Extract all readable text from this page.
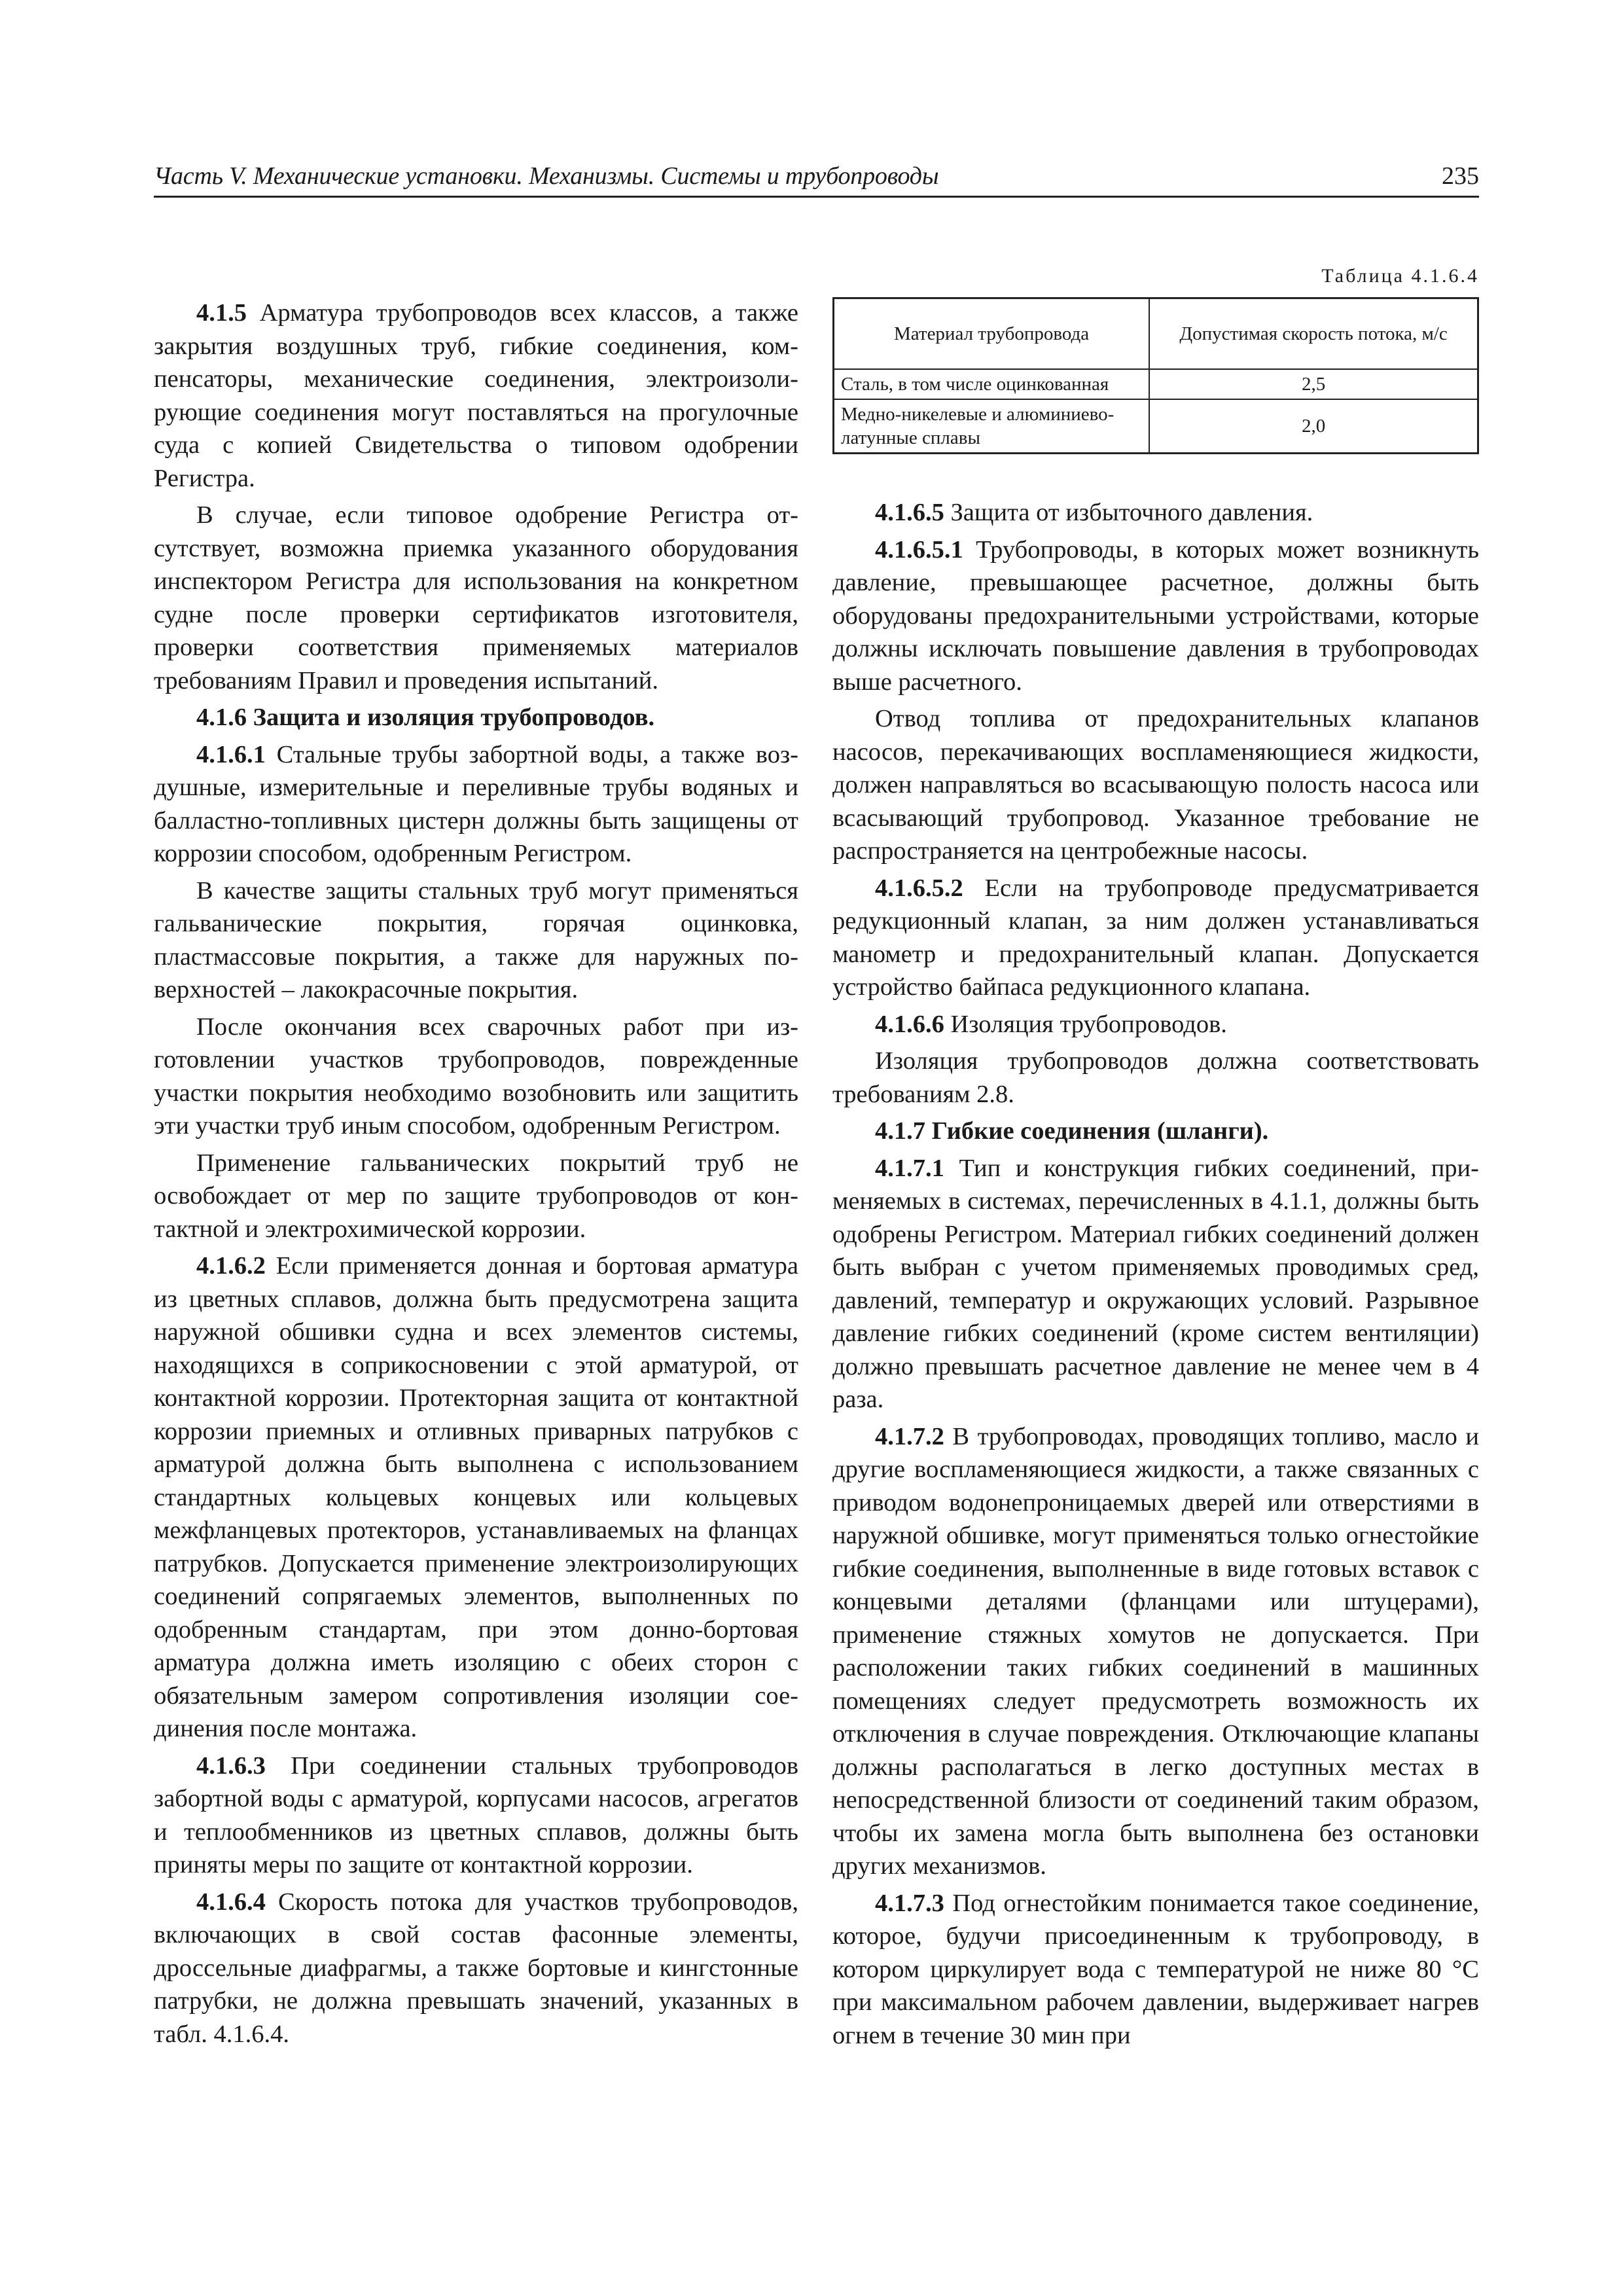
Часть V. Механические установки. Механизмы. Системы и трубопроводы	235

4.1.5 Арматура трубопроводов всех классов, а также закрытия воздушных труб, гибкие соединения, компенсаторы, механические соединения, электроизолирующие соединения могут поставляться на прогулочные суда с копией Свидетельства о типовом одобрении Регистра.

В случае, если типовое одобрение Регистра отсутствует, возможна приемка указанного оборудования инспектором Регистра для использования на конкретном судне после проверки сертификатов изготовителя, проверки соответствия применяемых материалов требованиям Правил и проведения испытаний.

4.1.6 Защита и изоляция трубопроводов.

4.1.6.1 Стальные трубы забортной воды, а также воздушные, измерительные и переливные трубы водяных и балластно-топливных цистерн должны быть защищены от коррозии способом, одобренным Регистром.

В качестве защиты стальных труб могут применяться гальванические покрытия, горячая оцинковка, пластмассовые покрытия, а также для наружных поверхностей – лакокрасочные покрытия.

После окончания всех сварочных работ при изготовлении участков трубопроводов, поврежденные участки покрытия необходимо возобновить или защитить эти участки труб иным способом, одобренным Регистром.

Применение гальванических покрытий труб не освобождает от мер по защите трубопроводов от контактной и электрохимической коррозии.

4.1.6.2 Если применяется донная и бортовая арматура из цветных сплавов, должна быть предусмотрена защита наружной обшивки судна и всех элементов системы, находящихся в соприкосновении с этой арматурой, от контактной коррозии. Протекторная защита от контактной коррозии приемных и отливных приварных патрубков с арматурой должна быть выполнена с использованием стандартных кольцевых концевых или кольцевых межфланцевых протекторов, устанавливаемых на фланцах патрубков. Допускается применение электроизолирующих соединений сопрягаемых элементов, выполненных по одобренным стандартам, при этом донно-бортовая арматура должна иметь изоляцию с обеих сторон с обязательным замером сопротивления изоляции соединения после монтажа.

4.1.6.3 При соединении стальных трубопроводов забортной воды с арматурой, корпусами насосов, агрегатов и теплообменников из цветных сплавов, должны быть приняты меры по защите от контактной коррозии.

4.1.6.4 Скорость потока для участков трубопроводов, включающих в свой состав фасонные элементы, дроссельные диафрагмы, а также бортовые и кингстонные патрубки, не должна превышать значений, указанных в табл. 4.1.6.4.

Таблица 4.1.6.4
Материал трубопровода	Допустимая скорость потока, м/с
Сталь, в том числе оцинкованная	2,5
Медно-никелевые и алюминиеволатунные сплавы	2,0

4.1.6.5 Защита от избыточного давления.

4.1.6.5.1 Трубопроводы, в которых может возникнуть давление, превышающее расчетное, должны быть оборудованы предохранительными устройствами, которые должны исключать повышение давления в трубопроводах выше расчетного.

Отвод топлива от предохранительных клапанов насосов, перекачивающих воспламеняющиеся жидкости, должен направляться во всасывающую полость насоса или всасывающий трубопровод. Указанное требование не распространяется на центробежные насосы.

4.1.6.5.2 Если на трубопроводе предусматривается редукционный клапан, за ним должен устанавливаться манометр и предохранительный клапан. Допускается устройство байпаса редукционного клапана.

4.1.6.6 Изоляция трубопроводов.

Изоляция трубопроводов должна соответствовать требованиям 2.8.

4.1.7 Гибкие соединения (шланги).

4.1.7.1 Тип и конструкция гибких соединений, применяемых в системах, перечисленных в 4.1.1, должны быть одобрены Регистром. Материал гибких соединений должен быть выбран с учетом применяемых проводимых сред, давлений, температур и окружающих условий. Разрывное давление гибких соединений (кроме систем вентиляции) должно превышать расчетное давление не менее чем в 4 раза.

4.1.7.2 В трубопроводах, проводящих топливо, масло и другие воспламеняющиеся жидкости, а также связанных с приводом водонепроницаемых дверей или отверстиями в наружной обшивке, могут применяться только огнестойкие гибкие соединения, выполненные в виде готовых вставок с концевыми деталями (фланцами или штуцерами), применение стяжных хомутов не допускается. При расположении таких гибких соединений в машинных помещениях следует предусмотреть возможность их отключения в случае повреждения. Отключающие клапаны должны располагаться в легко доступных местах в непосредственной близости от соединений таким образом, чтобы их замена могла быть выполнена без остановки других механизмов.

4.1.7.3 Под огнестойким понимается такое соединение, которое, будучи присоединенным к трубопроводу, в котором циркулирует вода с температурой не ниже 80 °С при максимальном рабочем давлении, выдерживает нагрев огнем в течение 30 мин при
